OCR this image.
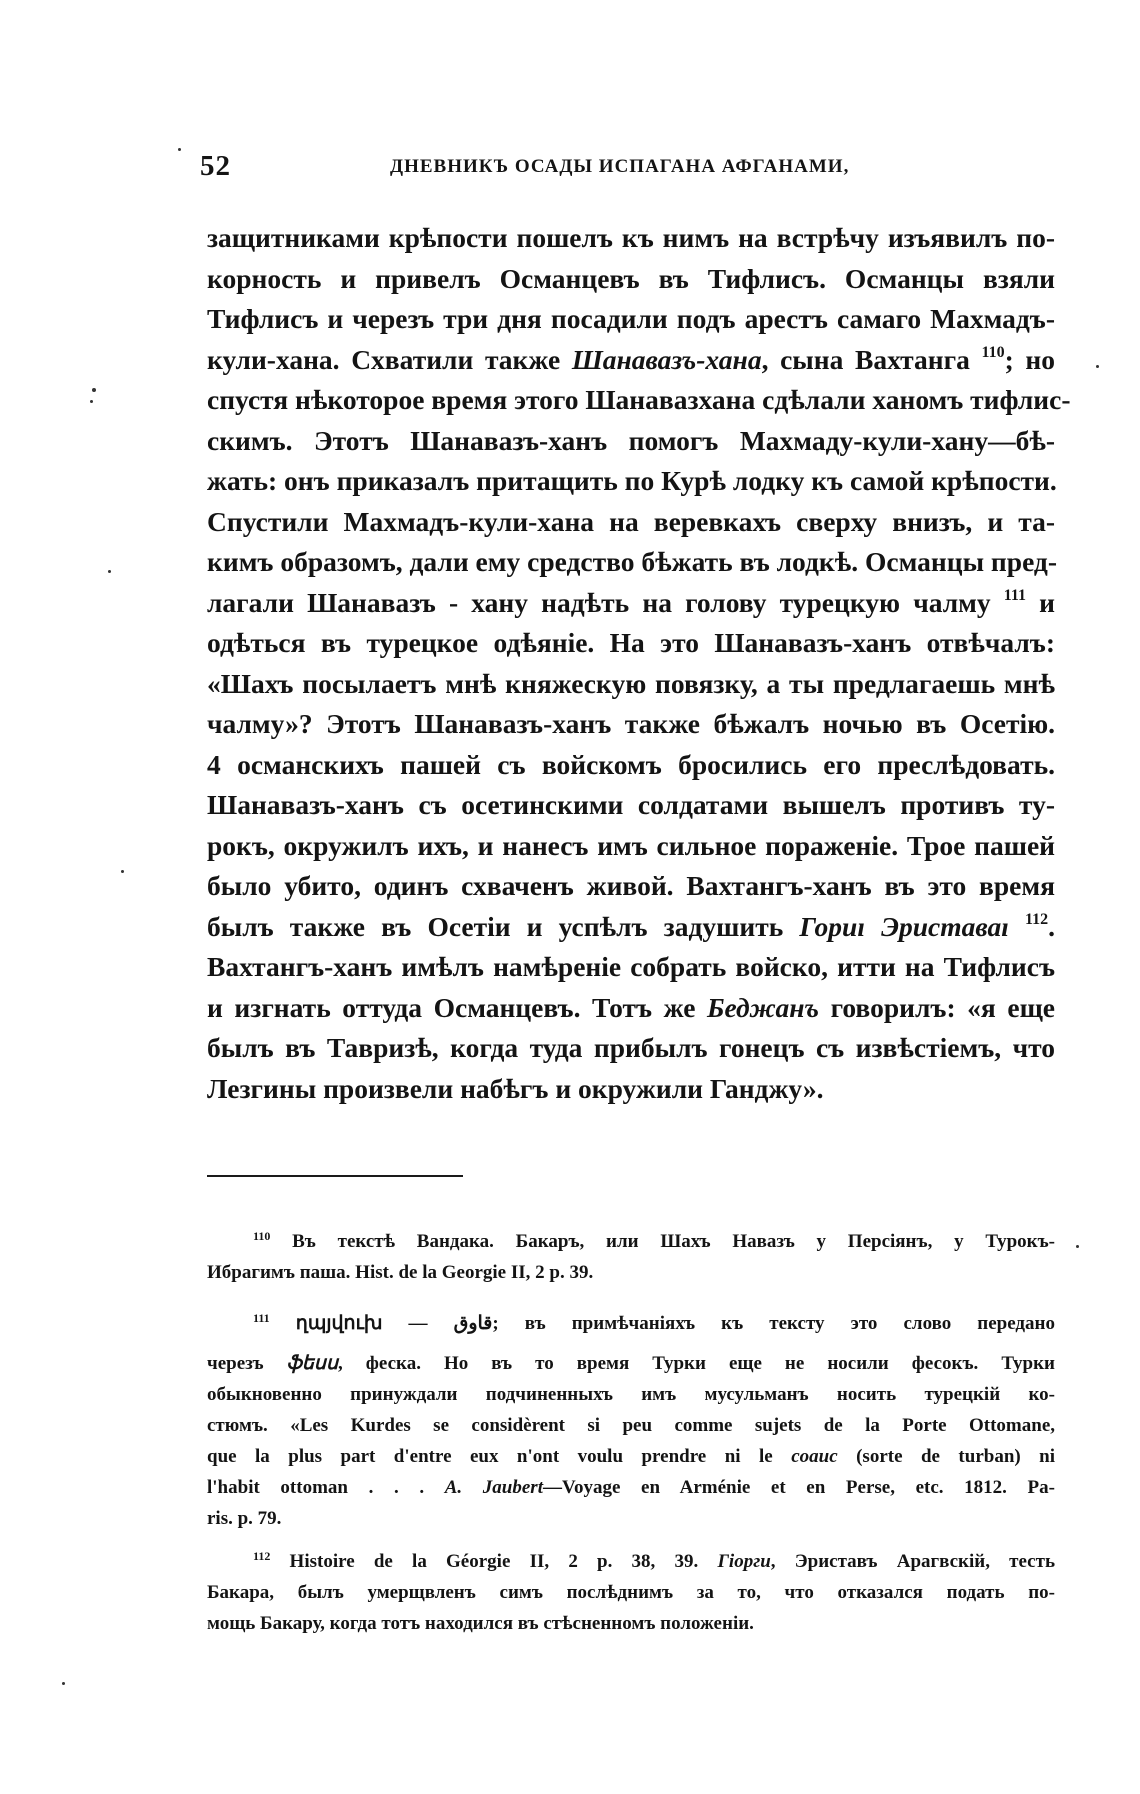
52	ДНЕВНИКЪ ОСАДЫ ИСПАГАНА АФГАНАМИ,
защитниками крѣпости пошелъ къ нимъ на встрѣчу изъявилъ по-
корность и привелъ Османцевъ въ Тифлисъ. Османцы взяли
Тифлисъ и черезъ три дня посадили подъ арестъ самаго Махмадъ-
кули-хана. Схватили также Шанавазъ-хана, сына Вахтанга $^{110}$; но
спустя нѣкоторое время этого Шанавазхана сдѣлали ханомъ тифлис-
скимъ. Этотъ Шанавазъ-ханъ помогъ Махмаду-кули-хану—бѣ-
жать: онъ приказалъ притащить по Курѣ лодку къ самой крѣпости.
Спустили Махмадъ-кули-хана на веревкахъ сверху внизъ, и та-
кимъ образомъ, дали ему средство бѣжать въ лодкѣ. Османцы пред-
лагали Шанавазъ - хану надѣть на голову турецкую чалму $^{111}$ и
одѣться въ турецкое одѣяніе. На это Шанавазъ-ханъ отвѣчалъ:
«Шахъ посылаетъ мнѣ княжескую повязку, а ты предлагаешь мнѣ
чалму»? Этотъ Шанавазъ-ханъ также бѣжалъ ночью въ Осетію.
4 османскихъ пашей съ войскомъ бросились его преслѣдовать.
Шанавазъ-ханъ съ осетинскими солдатами вышелъ противъ ту-
рокъ, окружилъ ихъ, и нанесъ имъ сильное пораженіе. Трое пашей
было убито, одинъ схваченъ живой. Вахтангъ-ханъ въ это время
былъ также въ Осетіи и успѣлъ задушить Гориı Эриставаı $^{112}$.
Вахтангъ-ханъ имѣлъ намѣреніе собрать войско, итти на Тифлисъ
и изгнать оттуда Османцевъ. Тотъ же Беджанъ говорилъ: «я еще
былъ въ Тавризѣ, когда туда прибылъ гонецъ съ извѣстіемъ, что
Лезгины произвели набѣгъ и окружили Ганджу».
$^{110}$ Въ текстѣ Вандака. Бакаръ, или Шахъ Навазъ у Персіянъ, у Турокъ-
Ибрагимъ паша. Hist. de la Georgie II, 2 p. 39.
$^{111}$ ղպյվուխ — قاوق; въ примѣчаніяхъ къ тексту это слово передано
черезъ ֆեսս, феска. Но въ то время Турки еще не носили фесокъ. Турки
обыкновенно принуждали подчиненныхъ имъ мусульманъ носить турецкій ко-
стюмъ. «Les Kurdes se considèrent si peu comme sujets de la Porte Ottomane,
que la plus part d'entre eux n'ont voulu prendre ni le coauc (sorte de turban) ni
l'habit ottoman . . . A. Jaubert—Voyage en Arménie et en Perse, etc. 1812. Pa-
ris. p. 79.
$^{112}$ Histoire de la Géorgie II, 2 p. 38, 39. Гіорги, Эриставъ Арагвскій, тесть
Бакара, былъ умерщвленъ симъ послѣднимъ за то, что отказался подать по-
мощь Бакару, когда тотъ находился въ стѣсненномъ положеніи.
